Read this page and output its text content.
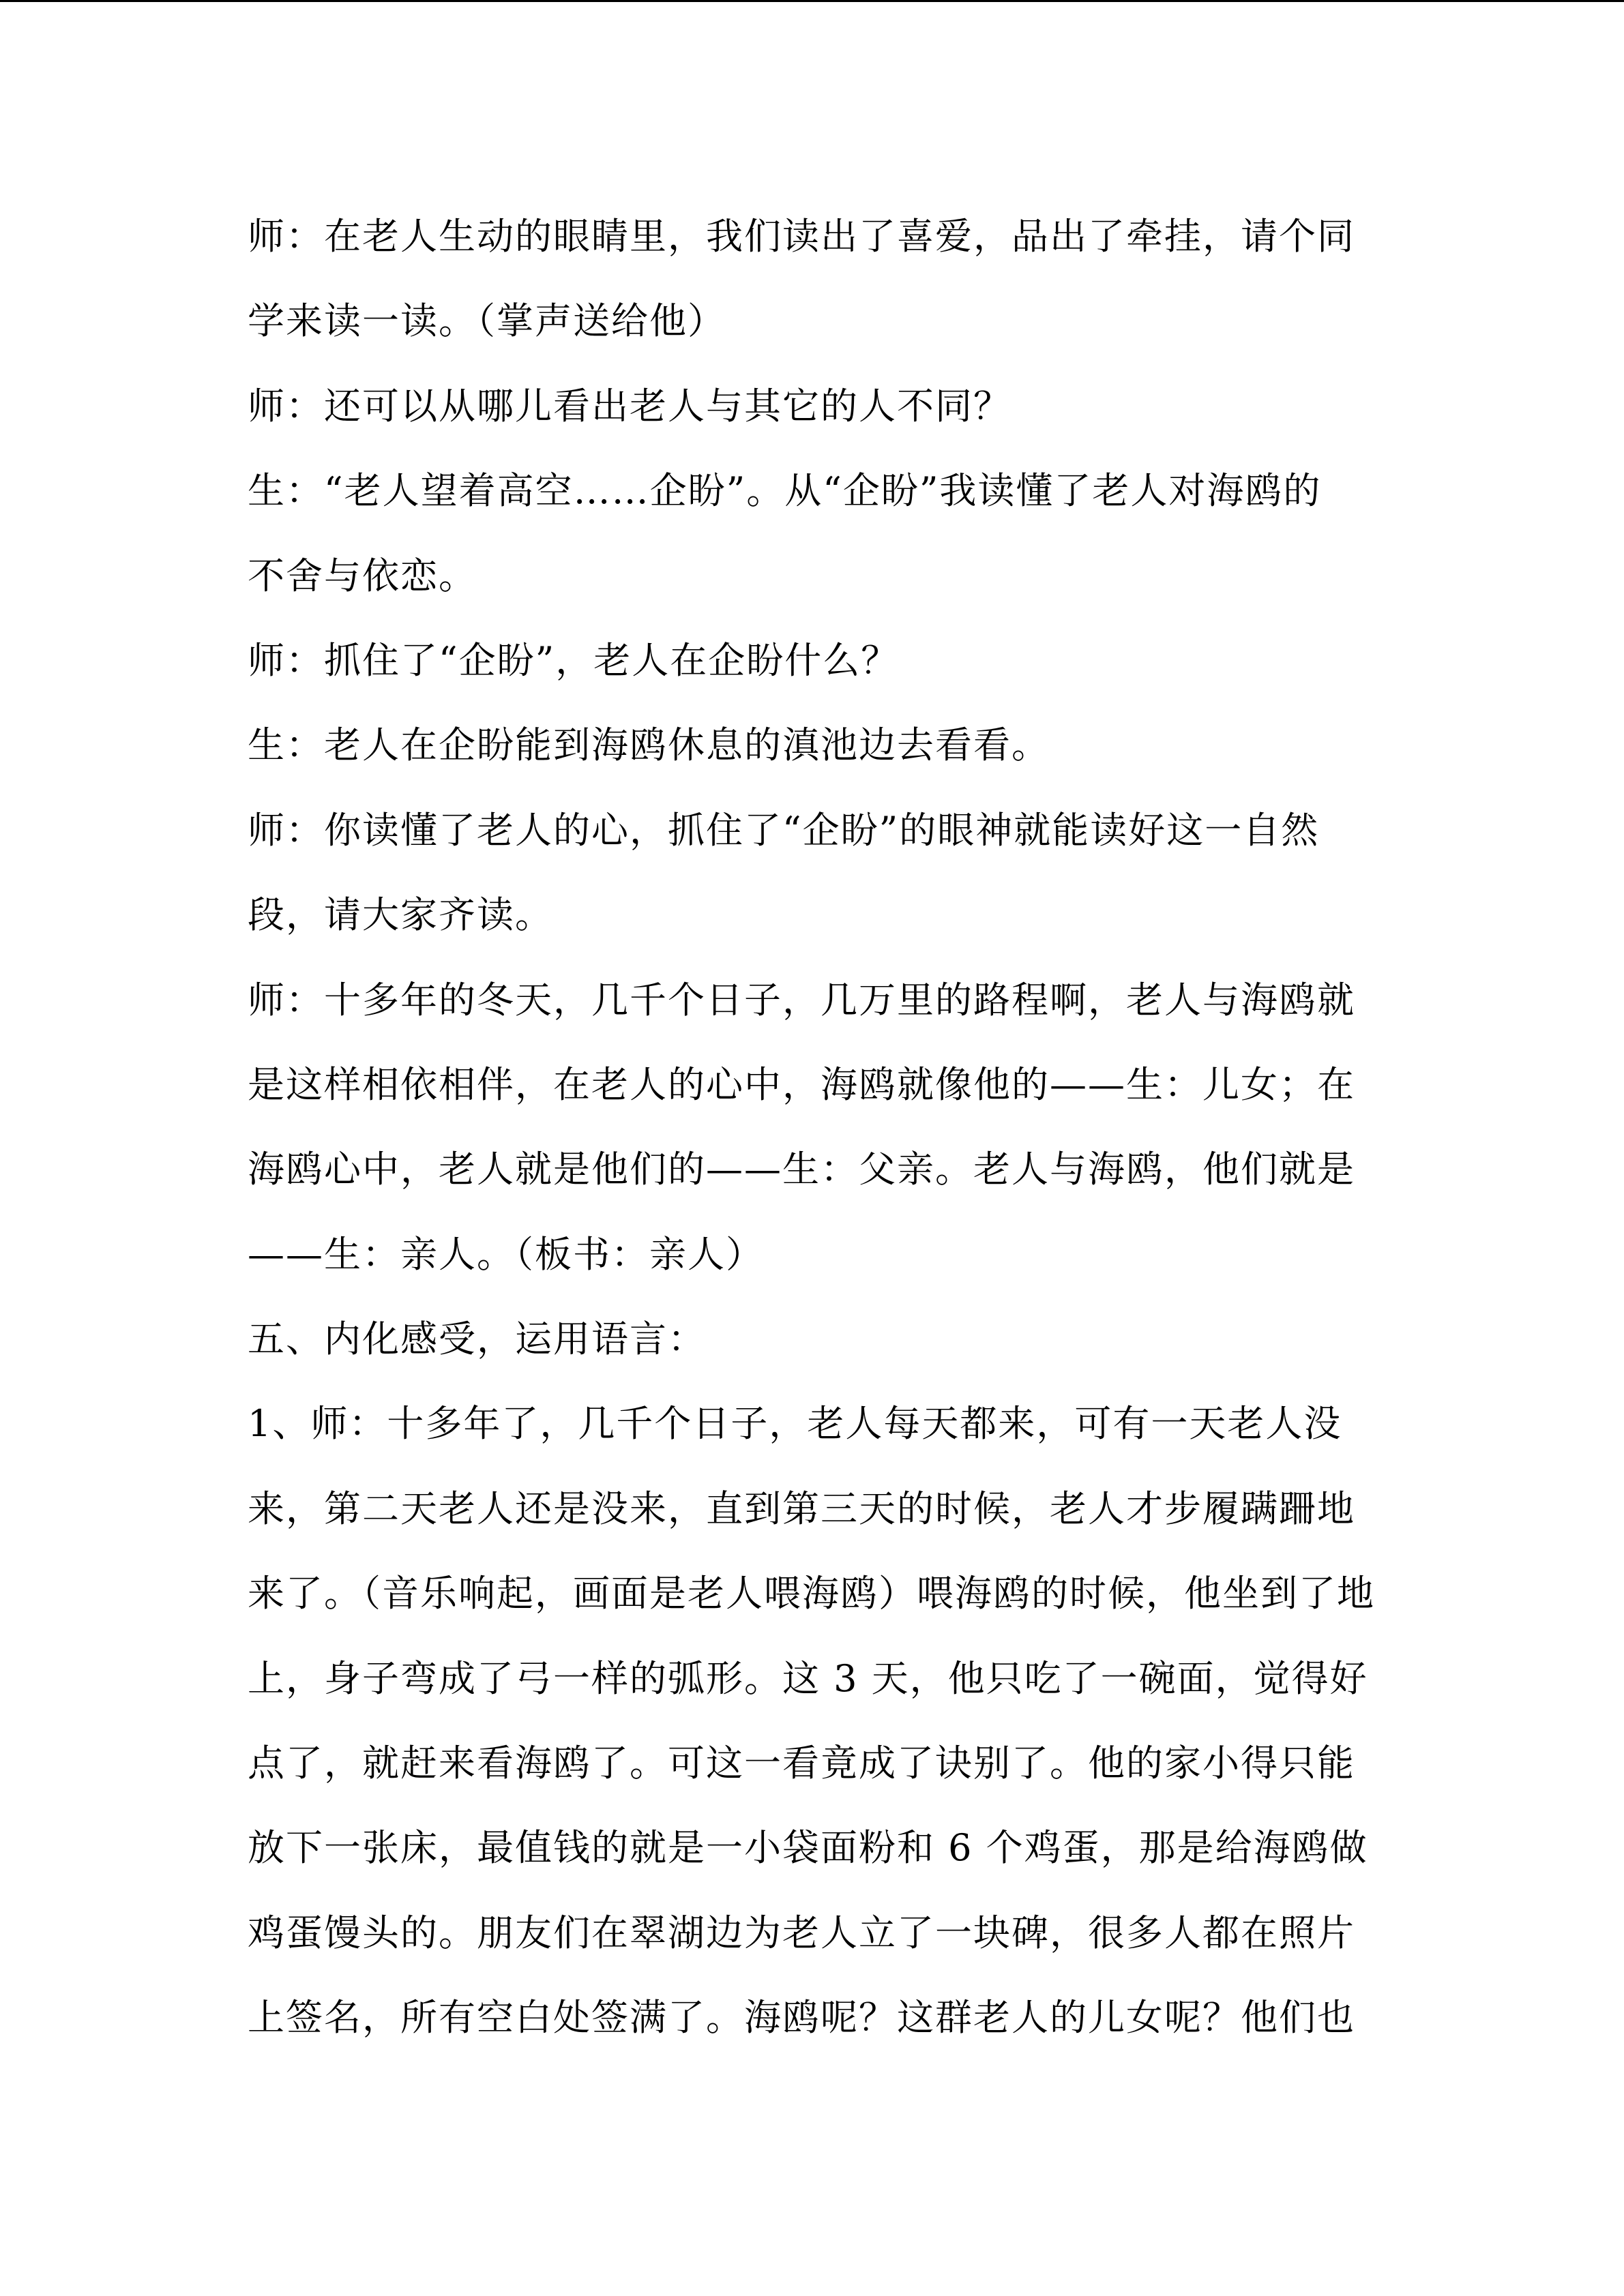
师：在老人生动的眼睛里，我们读出了喜爱，品出了牵挂，请个同
学来读一读。（掌声送给他）
师：还可以从哪儿看出老人与其它的人不同？
生：“老人望着高空……企盼”。从“企盼”我读懂了老人对海鸥的
不舍与依恋。
师：抓住了“企盼”，老人在企盼什么？
生：老人在企盼能到海鸥休息的滇池边去看看。
师：你读懂了老人的心，抓住了“企盼”的眼神就能读好这一自然
段，请大家齐读。
师：十多年的冬天，几千个日子，几万里的路程啊，老人与海鸥就
是这样相依相伴，在老人的心中，海鸥就像他的——生：儿女；在
海鸥心中，老人就是他们的——生：父亲。老人与海鸥，他们就是
——生：亲人。（板书：亲人）
五、内化感受，运用语言：
1、师：十多年了，几千个日子，老人每天都来，可有一天老人没
来，第二天老人还是没来，直到第三天的时候，老人才步履蹒跚地
来了。（音乐响起，画面是老人喂海鸥）喂海鸥的时候，他坐到了地
上，身子弯成了弓一样的弧形。这 3 天，他只吃了一碗面，觉得好
点了，就赶来看海鸥了。可这一看竟成了诀别了。他的家小得只能
放下一张床，最值钱的就是一小袋面粉和 6 个鸡蛋，那是给海鸥做
鸡蛋馒头的。朋友们在翠湖边为老人立了一块碑，很多人都在照片
上签名，所有空白处签满了。海鸥呢？这群老人的儿女呢？他们也
